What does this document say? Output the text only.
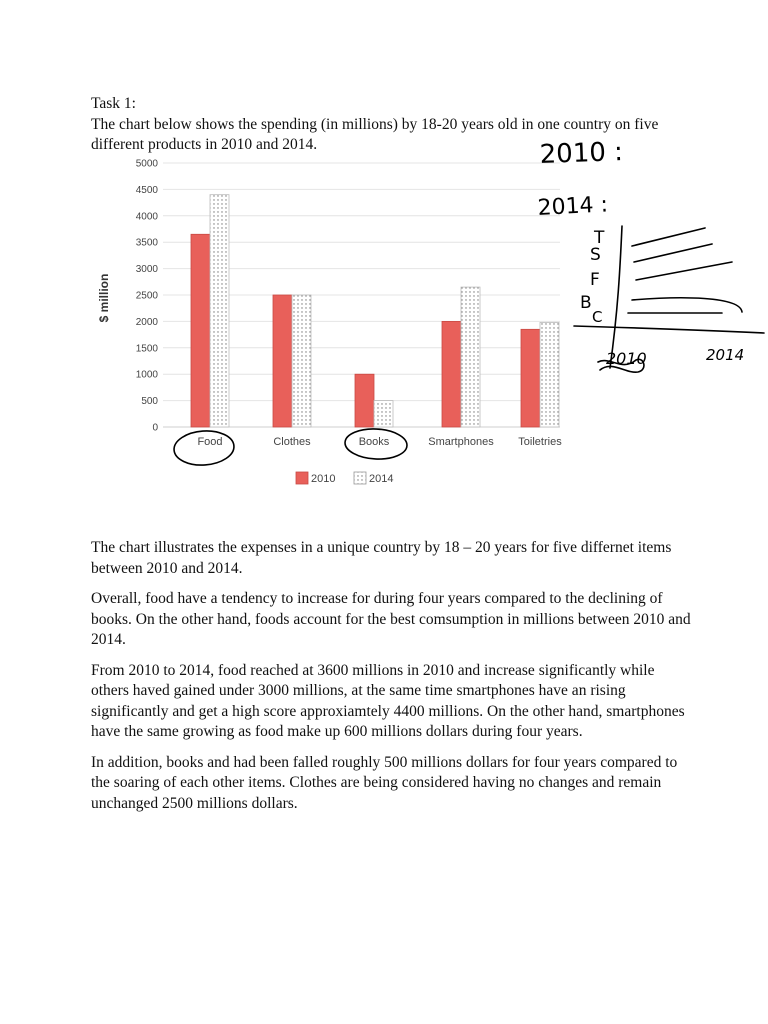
Task 1:

The chart below shows the spending (in millions) by 18-20 years old in one country on five different products in 2010 and 2014.

0
500
1000
1500
2000
2500
3000
3500
4000
4500
5000
$ million
Food	Clothes	Books	Smartphones Toiletries
2010	2014
2010 :
2014 :
T
S
F
B
C
2010	2014

The chart illustrates the expenses in a unique country by 18 – 20 years for five differnet items between 2010 and 2014.

Overall, food have a tendency to increase for during four years compared to the declining of books. On the other hand, foods account for the best comsumption in millions between 2010 and 2014.

From 2010 to 2014, food reached at 3600 millions in 2010 and increase significantly while others haved gained under 3000 millions, at the same time smartphones have an rising significantly and get a high score approxiamtely 4400 millions. On the other hand, smartphones have the same growing as food make up 600 millions dollars during four years.

In addition, books and had been falled roughly 500 millions dollars for four years compared to the soaring of each other items. Clothes are being considered having no changes and remain unchanged 2500 millions dollars.
